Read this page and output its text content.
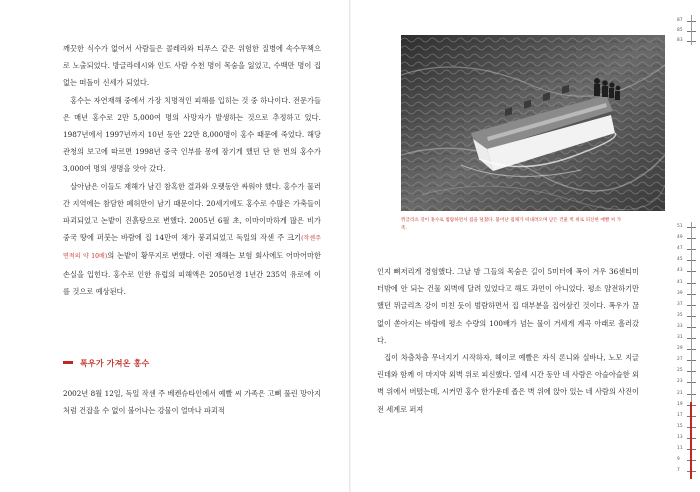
깨끗한 식수가 없어서 사람들은 콜레라와 티푸스 같은 위험한 질병에 속수무책으로 노출되었다. 방글라데시와 인도 사람 수천 명이 목숨을 잃었고, 수백만 명이 집 없는 떠돌이 신세가 되었다.

홍수는 자연재해 중에서 가장 치명적인 피해를 입히는 것 중 하나이다. 전문가들은 매년 홍수로 2만 5,000여 명의 사망자가 발생하는 것으로 추정하고 있다. 1987년에서 1997년까지 10년 동안 22만 8,000명이 홍수 때문에 죽었다. 해당 관청의 보고에 따르면 1998년 중국 인부를 몽에 잠기게 했던 단 한 번의 홍수가 3,000여 명의 생명을 앗아 갔다.

살아남은 이들도 재해가 남긴 참혹한 결과와 오랫동안 싸워야 했다. 홍수가 물러간 지역에는 참담한 폐허만이 남기 때문이다. 20세기에도 홍수로 수많은 가축들이 파괴되었고 논밭이 진흙탕으로 변했다. 2005년 6월 초, 이마이마하게 많은 비가 중국 땅에 퍼붓는 바람에 집 14만여 채가 붕괴되었고 독일의 작센 주 크기(작센주 면적의 약 10배)의 논밭이 황무지로 변했다. 이런 재해는 보험 회사에도 어마어마한 손실을 입힌다. 홍수로 인한 유럽의 피해액은 2050년경 1년간 235억 유로에 이를 것으로 예상된다.

폭우가 가져온 홍수

2002년 8월 12일, 독일 작센 주 베켄슈타인에서 예빨 씨 가족은 고뼈 풀린 망아지처럼 건잡을 수 없이 불어나는 강물이 얼마나 파괴적

뮈글리츠 강이 홍수로 범람하면서 집을 덮쳤다. 불어난 집채가 떠내려오며 남은 건물 벽 위로 피신한 예빨 씨 가족.

인지 뼈저리게 경험했다. 그날 밤 그들의 목숨은 길이 5미터에 폭이 겨우 36센티미터밖에 안 되는 건물 외벽에 달려 있었다고 해도 과언이 아니었다. 평소 얌전하기만 했던 뮈글리츠 강이 미친 듯이 범람하면서 집 대부분을 집어삼킨 것이다. 폭우가 끊없이 쏟아지는 바람에 평소 수량의 100배가 넘는 물이 거세게 계곡 아래로 흘러갔다.

집이 차츰차츰 무너지기 시작하자, 헤이코 예빨은 자식 론니와 실바나, 노모 지글린데와 함께 이 마지막 외벽 위로 피신했다. 열세 시간 동안 네 사람은 아슬아슬한 외벽 위에서 버텼는데, 시커먼 홍수 한가운데 좁은 벽 위에 앉아 있는 네 사람의 사진이 전 세계로 퍼져

87
85
83
51
49
47
45
43
41
39
37
35
33
31
29
27
25
23
21
19
17
15
13
11
9
7
